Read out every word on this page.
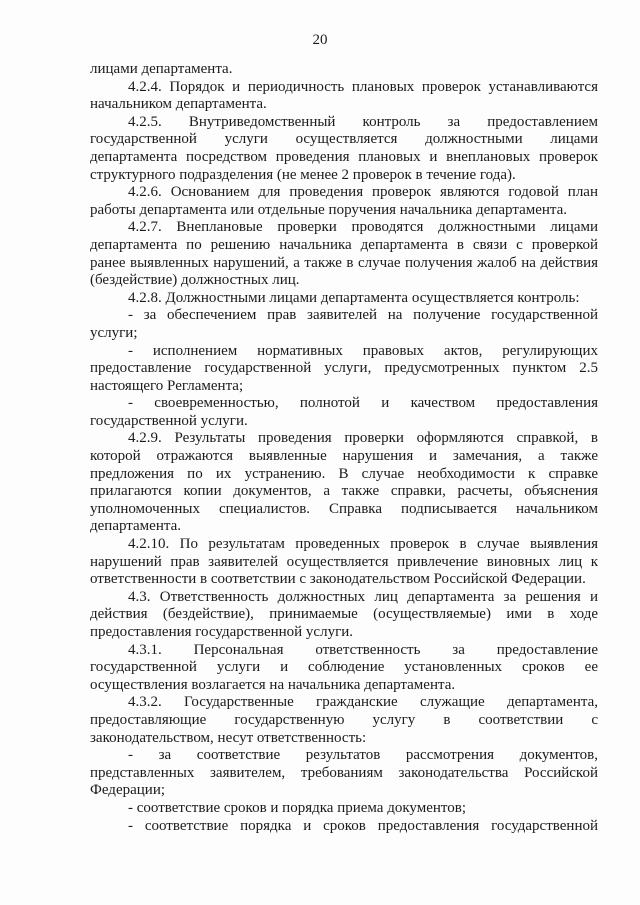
20
лицами департамента.
4.2.4. Порядок и периодичность плановых проверок устанавливаются
начальником департамента.
4.2.5. Внутриведомственный контроль за предоставлением
государственной услуги осуществляется должностными лицами
департамента посредством проведения плановых и внеплановых проверок
структурного подразделения (не менее 2 проверок в течение года).
4.2.6. Основанием для проведения проверок являются годовой план
работы департамента или отдельные поручения начальника департамента.
4.2.7. Внеплановые проверки проводятся должностными лицами
департамента по решению начальника департамента в связи с проверкой
ранее выявленных нарушений, а также в случае получения жалоб на действия
(бездействие) должностных лиц.
4.2.8. Должностными лицами департамента осуществляется контроль:
- за обеспечением прав заявителей на получение государственной
услуги;
- исполнением нормативных правовых актов, регулирующих
предоставление государственной услуги, предусмотренных пунктом 2.5
настоящего Регламента;
- своевременностью, полнотой и качеством предоставления
государственной услуги.
4.2.9. Результаты проведения проверки оформляются справкой, в
которой отражаются выявленные нарушения и замечания, а также
предложения по их устранению. В случае необходимости к справке
прилагаются копии документов, а также справки, расчеты, объяснения
уполномоченных специалистов. Справка подписывается начальником
департамента.
4.2.10. По результатам проведенных проверок в случае выявления
нарушений прав заявителей осуществляется привлечение виновных лиц к
ответственности в соответствии с законодательством Российской Федерации.
4.3. Ответственность должностных лиц департамента за решения и
действия (бездействие), принимаемые (осуществляемые) ими в ходе
предоставления государственной услуги.
4.3.1. Персональная ответственность за предоставление
государственной услуги и соблюдение установленных сроков ее
осуществления возлагается на начальника департамента.
4.3.2. Государственные гражданские служащие департамента,
предоставляющие государственную услугу в соответствии с
законодательством, несут ответственность:
- за соответствие результатов рассмотрения документов,
представленных заявителем, требованиям законодательства Российской
Федерации;
- соответствие сроков и порядка приема документов;
- соответствие порядка и сроков предоставления государственной
